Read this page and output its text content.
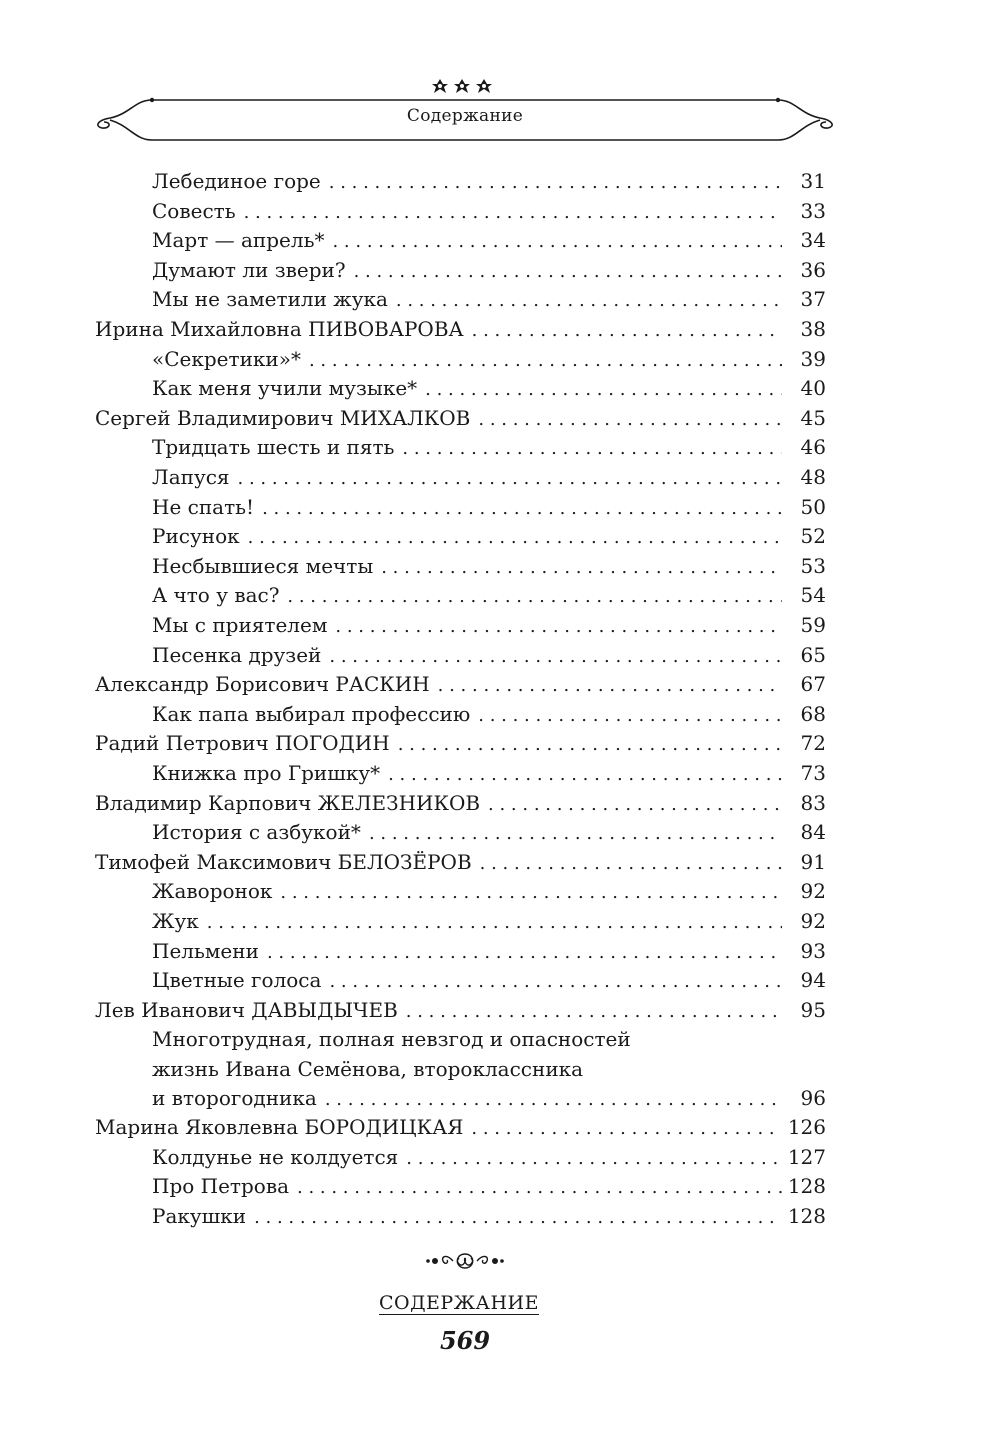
Содержание
Лебединое горе . . .	31
Совесть . . .	33
Март — апрель* . . .	34
Думают ли звери? . . .	36
Мы не заметили жука . . .	37
Ирина Михайловна ПИВОВАРОВА . . .	38
«Секретики»* . . .	39
Как меня учили музыке* . . .	40
Сергей Владимирович МИХАЛКОВ . . .	45
Тридцать шесть и пять . . .	46
Лапуся . . .	48
Не спать! . . .	50
Рисунок . . .	52
Несбывшиеся мечты . . .	53
А что у вас? . . .	54
Мы с приятелем . . .	59
Песенка друзей . . .	65
Александр Борисович РАСКИН . . .	67
Как папа выбирал профессию . . .	68
Радий Петрович ПОГОДИН . . .	72
Книжка про Гришку* . . .	73
Владимир Карпович ЖЕЛЕЗНИКОВ . . .	83
История с азбукой* . . .	84
Тимофей Максимович БЕЛОЗЁРОВ . . .	91
Жаворонок . . .	92
Жук . . .	92
Пельмени . . .	93
Цветные голоса . . .	94
Лев Иванович ДАВЫДЫЧЕВ . . .	95
Многотрудная, полная невзгод и опасностей
жизнь Ивана Семёнова, второклассника
и второгодника . . .	96
Марина Яковлевна БОРОДИЦКАЯ . . .	126
Колдунье не колдуется . . .	127
Про Петрова . . .	128
Ракушки . . .	128
СОДЕРЖАНИЕ
569
